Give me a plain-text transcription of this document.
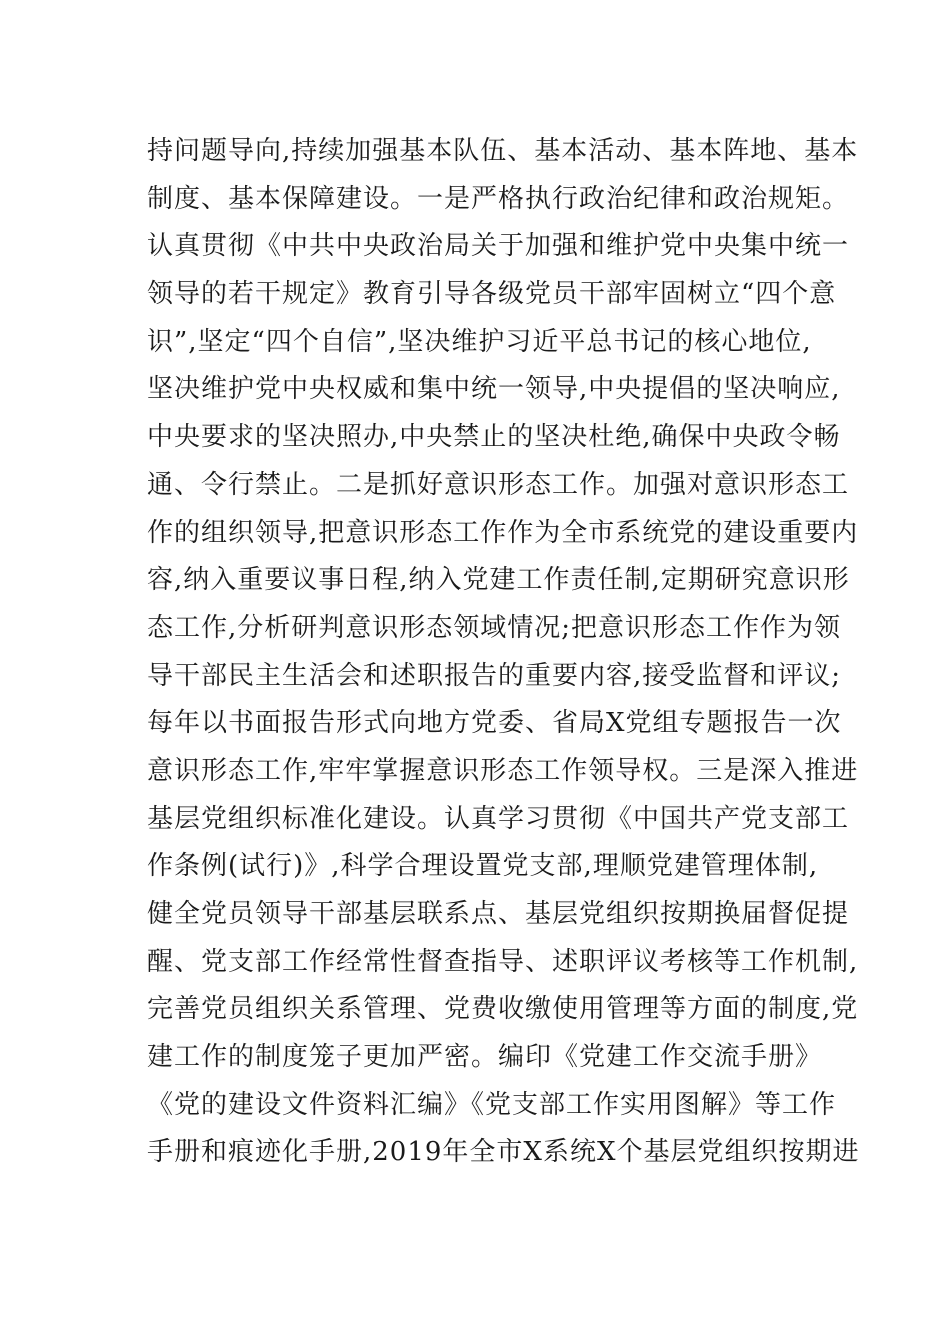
持问题导向,持续加强基本队伍、基本活动、基本阵地、基本
制度、基本保障建设。一是严格执行政治纪律和政治规矩。
认真贯彻《中共中央政治局关于加强和维护党中央集中统一
领导的若干规定》教育引导各级党员干部牢固树立“四个意
识”,坚定“四个自信”,坚决维护习近平总书记的核心地位,
坚决维护党中央权威和集中统一领导,中央提倡的坚决响应,
中央要求的坚决照办,中央禁止的坚决杜绝,确保中央政令畅
通、令行禁止。二是抓好意识形态工作。加强对意识形态工
作的组织领导,把意识形态工作作为全市系统党的建设重要内
容,纳入重要议事日程,纳入党建工作责任制,定期研究意识形
态工作,分析研判意识形态领域情况;把意识形态工作作为领
导干部民主生活会和述职报告的重要内容,接受监督和评议;
每年以书面报告形式向地方党委、省局X党组专题报告一次
意识形态工作,牢牢掌握意识形态工作领导权。三是深入推进
基层党组织标准化建设。认真学习贯彻《中国共产党支部工
作条例(试行)》,科学合理设置党支部,理顺党建管理体制,
健全党员领导干部基层联系点、基层党组织按期换届督促提
醒、党支部工作经常性督查指导、述职评议考核等工作机制,
完善党员组织关系管理、党费收缴使用管理等方面的制度,党
建工作的制度笼子更加严密。编印《党建工作交流手册》
《党的建设文件资料汇编》《党支部工作实用图解》等工作
手册和痕迹化手册,2019年全市X系统X个基层党组织按期进
